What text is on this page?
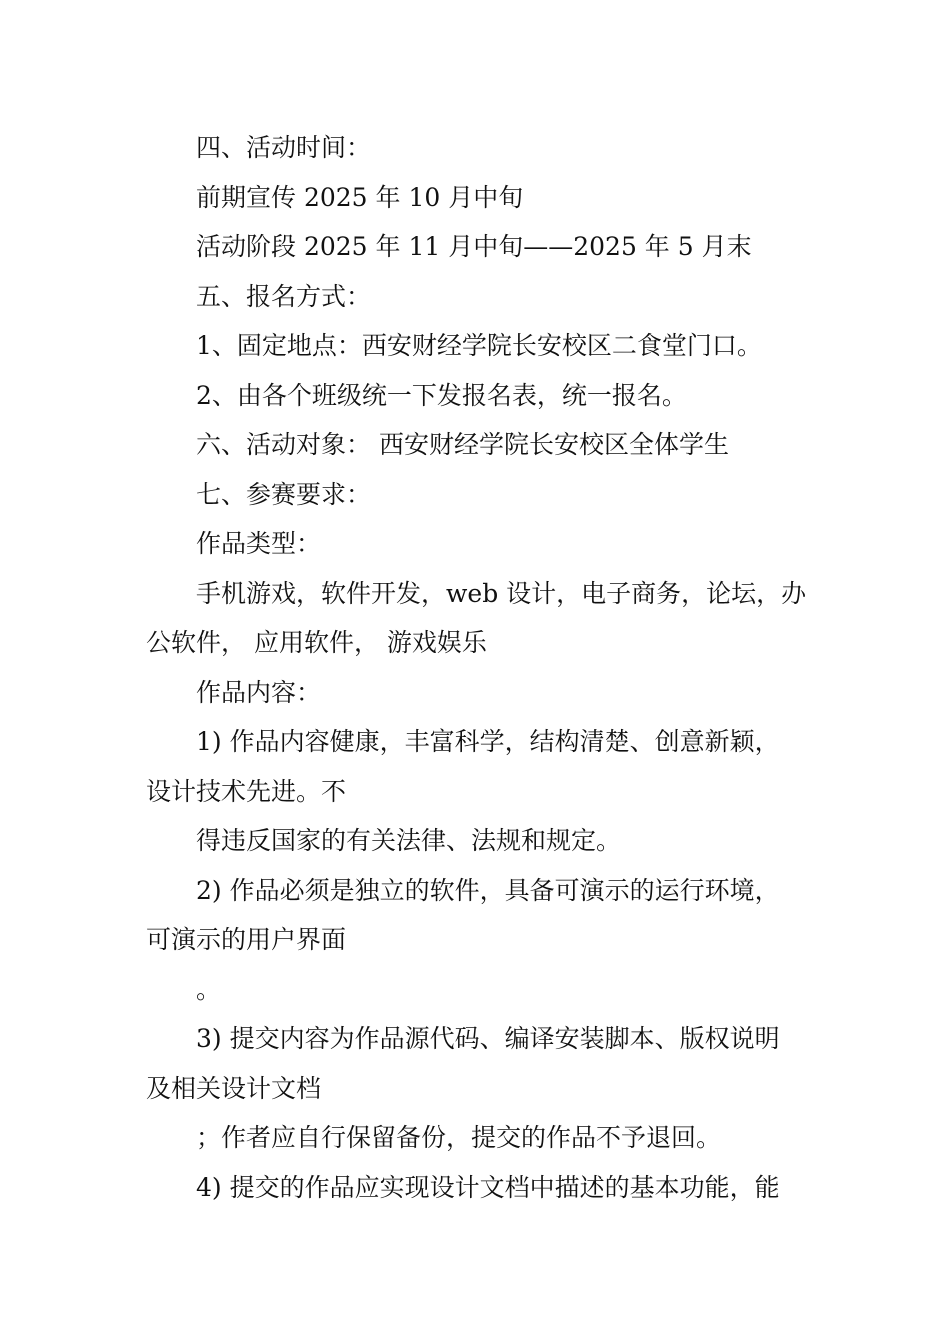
四、活动时间：

前期宣传 2025 年 10 月中旬

活动阶段 2025 年 11 月中旬——2025 年 5 月末

五、报名方式：

1、固定地点：西安财经学院长安校区二食堂门口。

2、由各个班级统一下发报名表，统一报名。

六、活动对象： 西安财经学院长安校区全体学生

七、参赛要求：

作品类型：

手机游戏，软件开发，web 设计，电子商务，论坛，办

公软件， 应用软件， 游戏娱乐

作品内容：

1) 作品内容健康，丰富科学，结构清楚、创意新颖，

设计技术先进。不

得违反国家的有关法律、法规和规定。

2) 作品必须是独立的软件，具备可演示的运行环境，

可演示的用户界面

。

3) 提交内容为作品源代码、编译安装脚本、版权说明

及相关设计文档

；作者应自行保留备份，提交的作品不予退回。

4) 提交的作品应实现设计文档中描述的基本功能，能
